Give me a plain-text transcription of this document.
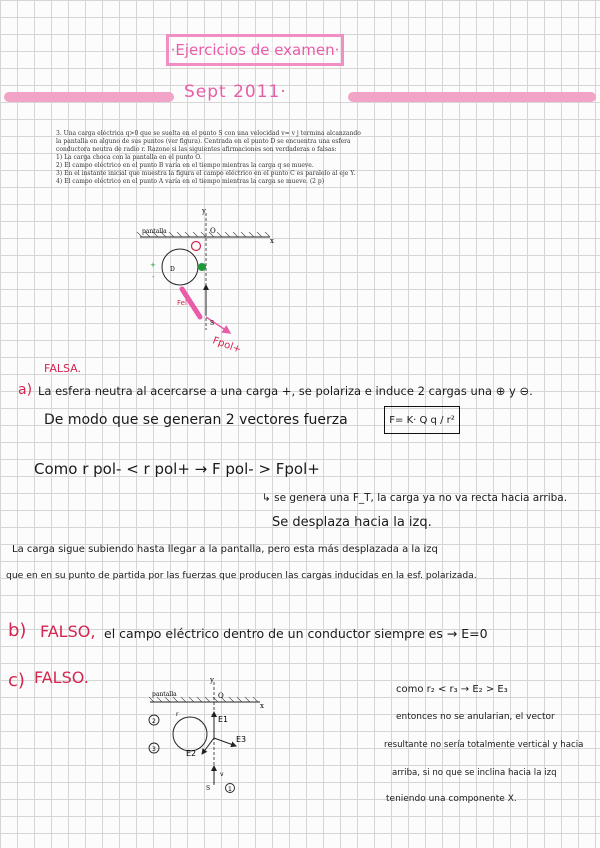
·Ejercicios de examen·
Sept 2011·

3. Una carga eléctrica q>0 que se suelta en el punto S con una velocidad v= v j termina alcanzando la pantalla en alguno de sus puntos (ver figura). Centrada en el punto D se encuentra una esfera conductora neutra de radio r. Razone si las siguientes afirmaciones son verdaderas o falsas:

1) La carga choca con la pantalla en el punto O.

2) El campo eléctrico en el punto B varía en el tiempo mientras la carga q se mueve.

3) En el instante inicial que muestra la figura el campo eléctrico en el punto C es paralelo al eje Y.

4) El campo eléctrico en el punto A varía en el tiempo mientras la carga se mueve. (2 p)

pantalla
x
y
O
D
S
+
-
Fel
Fpol+
FALSA.
a) La esfera neutra al acercarse a una carga +, se polariza e induce 2 cargas una ⊕ y ⊖.
De modo que se generan 2 vectores fuerza	F= K· Q q / r²
Como r pol- < r pol+ → F pol- > Fpol+
↳ se genera una F_T, la carga ya no va recta hacia arriba.
Se desplaza hacia la izq.
La carga sigue subiendo hasta llegar a la pantalla, pero esta más desplazada a la izq
que en en su punto de partida por las fuerzas que producen las cargas inducidas en la esf. polarizada.
b) FALSO, el campo eléctrico dentro de un conductor siempre es → E=0
c) FALSO.
pantalla
x
y
O
E1
E2
E3
r
v
S	1
2
3
como r₂ < r₃ → E₂ > E₃
entonces no se anularian, el vector
resultante no sería totalmente vertical y hacia
arriba, si no que se inclina hacia la izq
teniendo una componente X.
